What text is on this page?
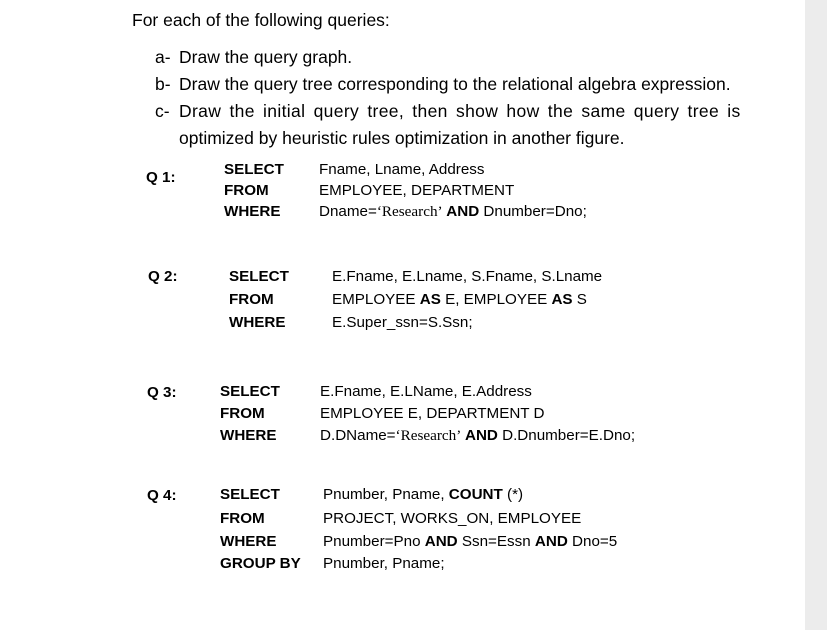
For each of the following queries:
a- Draw the query graph.
b- Draw the query tree corresponding to the relational algebra expression.
c- Draw the initial query tree, then show how the same query tree is
optimized by heuristic rules optimization in another figure.
Q 1:	SELECT Fname, Lname, Address
FROM	EMPLOYEE, DEPARTMENT
WHERE	Dname=‘Research’ AND Dnumber=Dno;
Q 2:	SELECT	E.Fname, E.Lname, S.Fname, S.Lname
FROM	EMPLOYEE AS E, EMPLOYEE AS S
WHERE	E.Super_ssn=S.Ssn;
Q 3:	SELECT	E.Fname, E.LName, E.Address
FROM	EMPLOYEE E, DEPARTMENT D
WHERE	D.DName=‘Research’ AND D.Dnumber=E.Dno;
Q 4:	SELECT	Pnumber, Pname, COUNT (*)
FROM	PROJECT, WORKS_ON, EMPLOYEE
WHERE	Pnumber=Pno AND Ssn=Essn AND Dno=5
GROUP BY Pnumber, Pname;
